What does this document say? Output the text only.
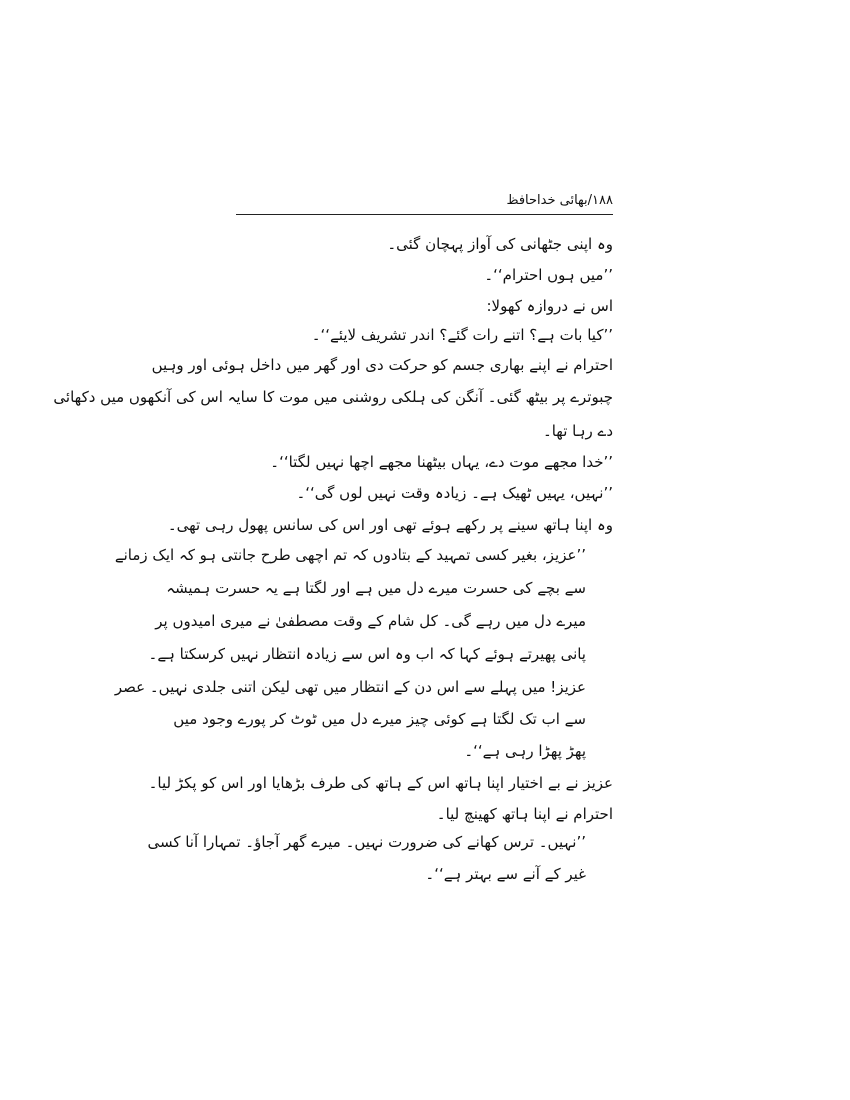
۱۸۸/بھائی خداحافظ
وہ اپنی جٹھانی کی آواز پہچان گئی۔
’’میں ہوں احترام‘‘۔
اس نے دروازہ کھولا:
’’کیا بات ہے؟ اتنے رات گئے؟ اندر تشریف لایئے‘‘۔
احترام نے اپنے بھاری جسم کو حرکت دی اور گھر میں داخل ہوئی اور وہیں
چبوترے پر بیٹھ گئی۔ آنگن کی ہلکی روشنی میں موت کا سایہ اس کی آنکھوں میں دکھائی
دے رہا تھا۔
’’خدا مجھے موت دے، یہاں بیٹھنا مجھے اچھا نہیں لگتا‘‘۔
’’نہیں، یہیں ٹھیک ہے۔ زیادہ وقت نہیں لوں گی‘‘۔
وہ اپنا ہاتھ سینے پر رکھے ہوئے تھی اور اس کی سانس پھول رہی تھی۔
’’عزیز، بغیر کسی تمہید کے بتادوں کہ تم اچھی طرح جانتی ہو کہ ایک زمانے
سے بچے کی حسرت میرے دل میں ہے اور لگتا ہے یہ حسرت ہمیشہ
میرے دل میں رہے گی۔ کل شام کے وقت مصطفیٰ نے میری امیدوں پر
پانی پھیرتے ہوئے کہا کہ اب وہ اس سے زیادہ انتظار نہیں کرسکتا ہے۔
عزیز! میں پہلے سے اس دن کے انتظار میں تھی لیکن اتنی جلدی نہیں۔ عصر
سے اب تک لگتا ہے کوئی چیز میرے دل میں ٹوٹ کر پورے وجود میں
پھڑ پھڑا رہی ہے‘‘۔
عزیز نے بے اختیار اپنا ہاتھ اس کے ہاتھ کی طرف بڑھایا اور اس کو پکڑ لیا۔
احترام نے اپنا ہاتھ کھینچ لیا۔
’’نہیں۔ ترس کھانے کی ضرورت نہیں۔ میرے گھر آجاؤ۔ تمہارا آنا کسی
غیر کے آنے سے بہتر ہے‘‘۔
